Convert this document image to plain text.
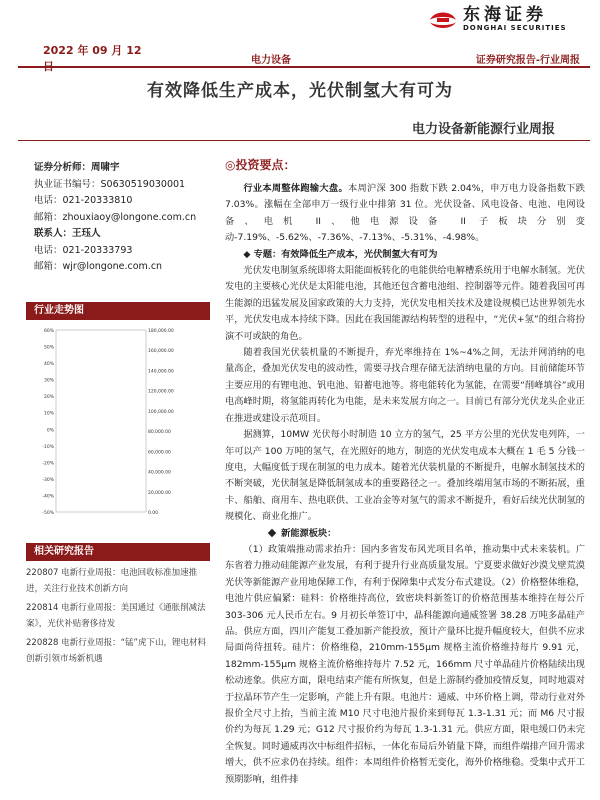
东海证券
DONGHAI SECURITIES
2022 年 09 月 12
电力设备	证券研究报告-行业周报
有效降低生产成本，光伏制氢大有可为
电力设备新能源行业周报
证券分析师：周啸宇
执业证书编号：S0630519030001
电话：021-20333810
邮箱：zhouxiaoy@longone.com.cn
联系人：王珏人
电话：021-20333793
邮箱：wjr@longone.com.cn
行业走势图
60%
50%
40%
30%
20%
10%
0%
-10%
-20%
-30%
-40%
-50%
180,000.00
160,000.00
140,000.00
120,000.00
100,000.00
80,000.00
60,000.00
40,000.00
20,000.00
0.00
相关研究报告
220807 电新行业周报：电池回收标准加速推进，关注行业技术创新方向
220814 电新行业周报：美国通过《通胀削减法案》，光伏补贴奢侈待发
220828 电新行业周报：“锰”虎下山，锂电材料创新引领市场新机遇
◎投资要点：

行业本周整体跑输大盘。本周沪深 300 指数下跌 2.04%，申万电力设备指数下跌 7.03%。涨幅在全部申万一级行业中排第 31 位。光伏设备、风电设备、电池、电网设备、电机 II、他电源设备 II 子板块分别变动-7.19%、-5.62%、-7.36%、-7.13%、-5.31%、-4.98%。

◆ 专题：有效降低生产成本，光伏制氢大有可为

光伏发电制氢系统即将太阳能面板转化的电能供给电解槽系统用于电解水制氢。光伏发电的主要核心光伏是太阳能电池，其他还包含蓄电池组、控制器等元件。随着我国可再生能源的迅猛发展及国家政策的大力支持，光伏发电相关技术及建设规模已达世界领先水平，光伏发电成本持续下降。因此在我国能源结构转型的进程中，“光伏+氢”的组合将扮演不可或缺的角色。

随着我国光伏装机量的不断提升，弃光率维持在 1%~4%之间，无法并网消纳的电量高企，叠加光伏发电的波动性，需要寻找合理存储无法消纳电量的方向。目前储能环节主要应用的有锂电池、钒电池、铅蓄电池等。将电能转化为氢能，在需要“削峰填谷”或用电高峰时期，将氢能再转化为电能，是未来发展方向之一。目前已有部分光伏龙头企业正在推进或建设示范项目。

据测算，10MW 光伏每小时制造 10 立方的氢气，25 平方公里的光伏发电列阵，一年可以产 100 万吨的氢气，在光照好的地方，制造的光伏发电成本大概在 1 毛 5 分钱一度电，大幅度低于现在制氢的电力成本。随着光伏装机量的不断提升，电解水制氢技术的不断突破，光伏制氢是降低制氢成本的重要路径之一。叠加终端用氢市场的不断拓展，重卡、船舶、商用车、热电联供、工业冶金等对氢气的需求不断提升，看好后续光伏制氢的规模化、商业化推广。

新能源板块：

（1）政策端推动需求抬升：国内多省发布风光项目名单，推动集中式未来装机。广东省着力推动硅能源产业发展，有利于提升行业高质量发展。宁夏要求做好沙漠戈壁荒漠光伏等新能源产业用地保障工作，有利于保障集中式发分布式建设。（2）价格整体维稳，电池片供应偏紧：硅料：价格维持高位，致密块料新签订的价格范围基本维持在每公斤 303-306 元人民币左右。9 月初长单签订中，晶科能源向通威签署 38.28 万吨多晶硅产品。供应方面，四川产能复工叠加新产能投放，预计产量环比提升幅度较大，但供不应求局面尚待扭转。硅片：价格维稳，210mm-155μm 规格主流价格维持每片 9.91 元，182mm-155μm 规格主流价格维持每片 7.52 元，166mm 尺寸单晶硅片价格陆续出现松动迹象。供应方面，限电结束产能有所恢复，但是上游制约叠加疫情反复，同时地震对于拉晶环节产生一定影响，产能上升有限。电池片：通威、中环价格上调，带动行业对外报价全尺寸上抬，当前主流 M10 尺寸电池片报价来到每瓦 1.3-1.31 元；而 M6 尺寸报价约为每瓦 1.29 元；G12 尺寸报价约为每瓦 1.3-1.31 元。供应方面，限电缓口仍未完全恢复。同时通威再次中标组件招标，一体化布局后外销量下降，而组件端排产回升需求增大，供不应求仍在持续。组件：本周组件价格暂无变化，海外价格维稳。受集中式开工预期影响，组件排
